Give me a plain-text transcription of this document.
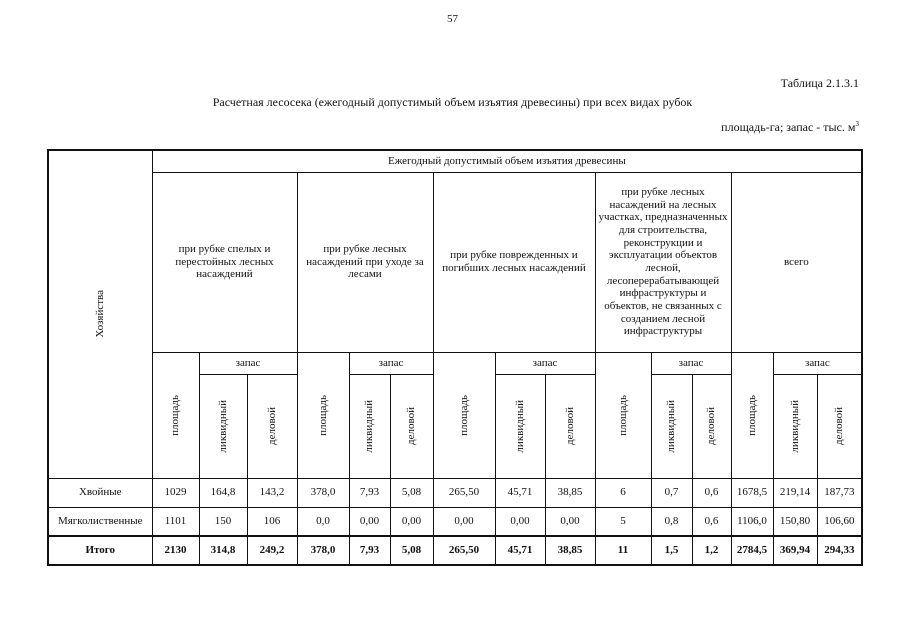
57
Таблица 2.1.3.1
Расчетная лесосека (ежегодный допустимый объем изъятия древесины) при всех видах рубок
площадь-га; запас - тыс. $м^3$
Хозяйства	Ежегодный допустимый объем изъятия древесины														

	при рубке спелых и перестойных лесных насаждений			при рубке лесных насаждений при уходе за лесами			при рубке поврежденных и погибших лесных насаждений			при рубке лесных насаждений на лесных участках, предназначенных для строительства, реконструкции и эксплуатации объектов лесной, лесоперерабатывающей инфраструктуры и объектов, не связанных с созданием лесной инфраструктуры			всего		

	площадь	запас		площадь	запас		площадь	запас		площадь	запас		площадь	запас	

		ликвидный	деловой		ликвидный	деловой		ликвидный	деловой		ликвидный	деловой		ликвидный	деловой

Хвойные	1029	164,8	143,2	378,0	7,93	5,08	265,50	45,71	38,85	6	0,7	0,6	1678,5	219,14	187,73
Мягколиственные	1101	150	106	0,0	0,00	0,00	0,00	0,00	0,00	5	0,8	0,6	1106,0	150,80	106,60
Итого	2130	314,8	249,2	378,0	7,93	5,08	265,50	45,71	38,85	11	1,5	1,2	2784,5	369,94	294,33
